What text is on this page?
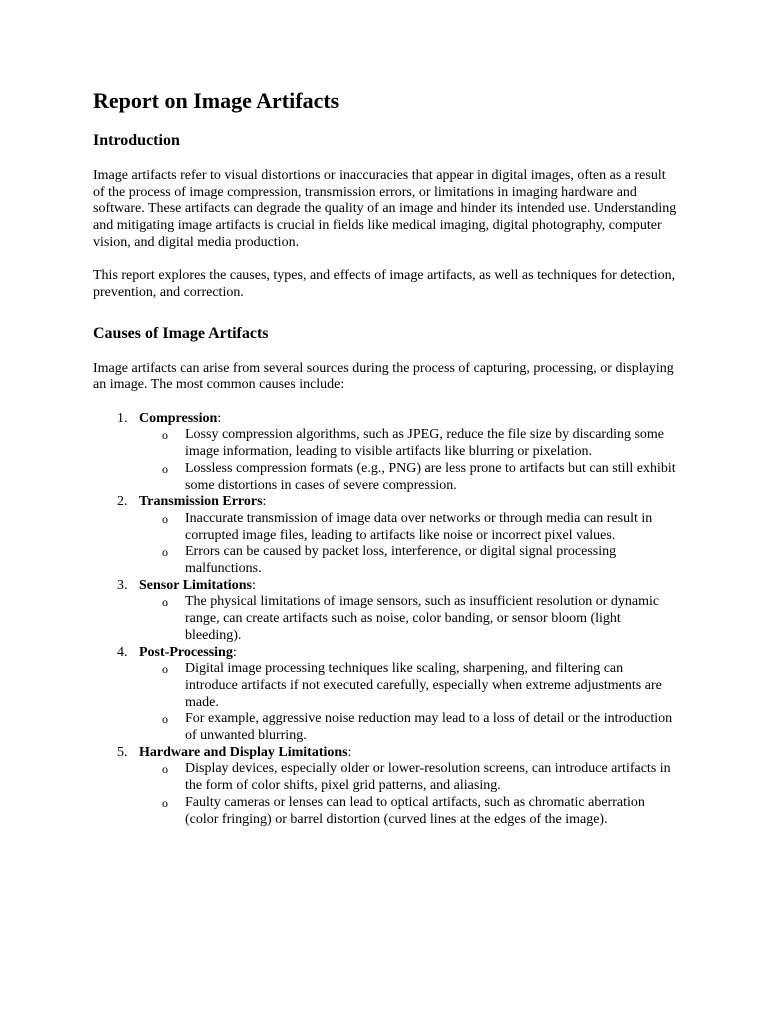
Report on Image Artifacts
Introduction

Image artifacts refer to visual distortions or inaccuracies that appear in digital images, often as a result of the process of image compression, transmission errors, or limitations in imaging hardware and software. These artifacts can degrade the quality of an image and hinder its intended use. Understanding and mitigating image artifacts is crucial in fields like medical imaging, digital photography, computer vision, and digital media production.

This report explores the causes, types, and effects of image artifacts, as well as techniques for detection, prevention, and correction.

Causes of Image Artifacts

Image artifacts can arise from several sources during the process of capturing, processing, or displaying an image. The most common causes include:

1. Compression:
o Lossy compression algorithms, such as JPEG, reduce the file size by discarding some image information, leading to visible artifacts like blurring or pixelation.
o Lossless compression formats (e.g., PNG) are less prone to artifacts but can still exhibit some distortions in cases of severe compression.
2. Transmission Errors:
o Inaccurate transmission of image data over networks or through media can result in corrupted image files, leading to artifacts like noise or incorrect pixel values.
o Errors can be caused by packet loss, interference, or digital signal processing malfunctions.
3. Sensor Limitations:
o The physical limitations of image sensors, such as insufficient resolution or dynamic range, can create artifacts such as noise, color banding, or sensor bloom (light bleeding).
4. Post-Processing:
o Digital image processing techniques like scaling, sharpening, and filtering can introduce artifacts if not executed carefully, especially when extreme adjustments are made.
o For example, aggressive noise reduction may lead to a loss of detail or the introduction of unwanted blurring.
5. Hardware and Display Limitations:
o Display devices, especially older or lower-resolution screens, can introduce artifacts in the form of color shifts, pixel grid patterns, and aliasing.
o Faulty cameras or lenses can lead to optical artifacts, such as chromatic aberration (color fringing) or barrel distortion (curved lines at the edges of the image).
